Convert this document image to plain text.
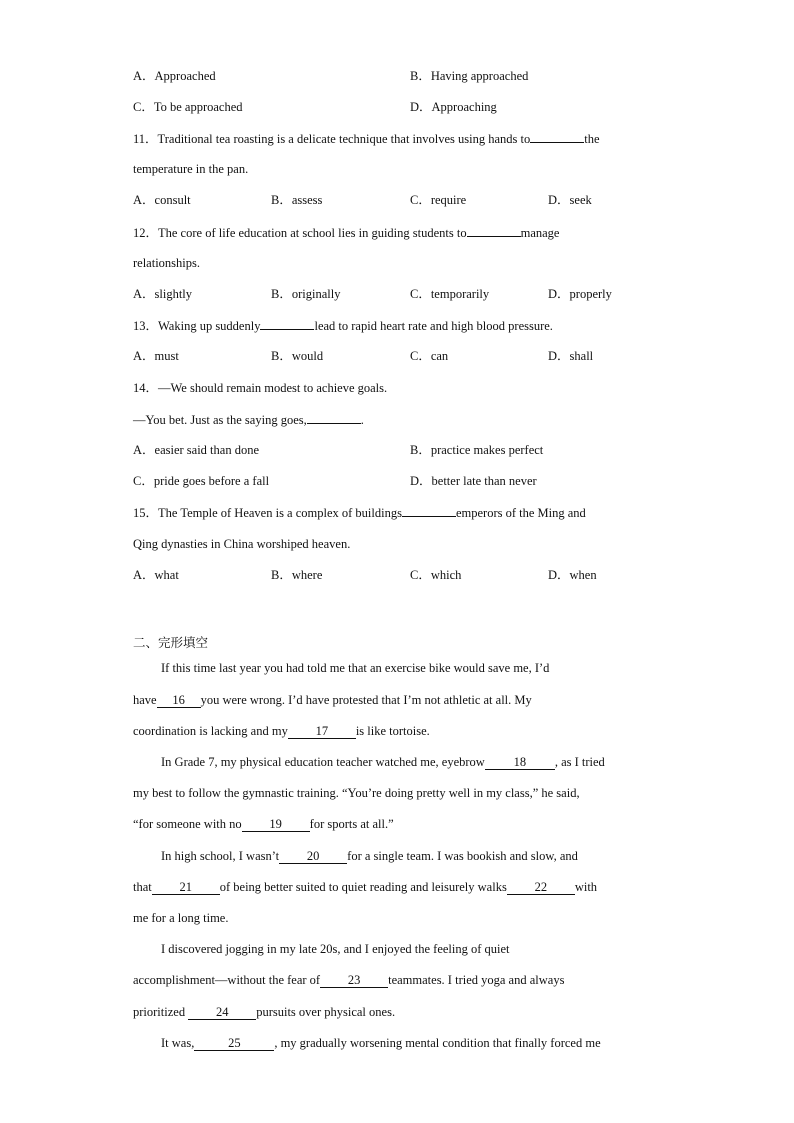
A．Approached	B．Having approached
C．To be approached	D．Approaching
11．Traditional tea roasting is a delicate technique that involves using hands to	the
temperature in the pan.
A．consult	B．assess	C．require	D．seek
12．The core of life education at school lies in guiding students to	manage
relationships.
A．slightly	B．originally	C．temporarily	D．properly
13．Waking up suddenly	lead to rapid heart rate and high blood pressure.
A．must	B．would	C．can	D．shall
14．—We should remain modest to achieve goals.
—You bet. Just as the saying goes,	.
A．easier said than done	B．practice makes perfect
C．pride goes before a fall	D．better late than never
15．The Temple of Heaven is a complex of buildings	emperors of the Ming and
Qing dynasties in China worshiped heaven.
A．what	B．where	C．which	D．when
二、完形填空
If this time last year you had told me that an exercise bike would save me, I’d
have 16 you were wrong. I’d have protested that I’m not athletic at all. My
coordination is lacking and my 17 is like tortoise.
In Grade 7, my physical education teacher watched me, eyebrow 18 , as I tried
my best to follow the gymnastic training. “You’re doing pretty well in my class,” he said,
“for someone with no 19 for sports at all.”
In high school, I wasn’t 20 for a single team. I was bookish and slow, and
that 21 of being better suited to quiet reading and leisurely walks 22 with
me for a long time.
I discovered jogging in my late 20s, and I enjoyed the feeling of quiet
accomplishment—without the fear of 23 teammates. I tried yoga and always
prioritized 24 pursuits over physical ones.
It was,	25	, my gradually worsening mental condition that finally forced me
